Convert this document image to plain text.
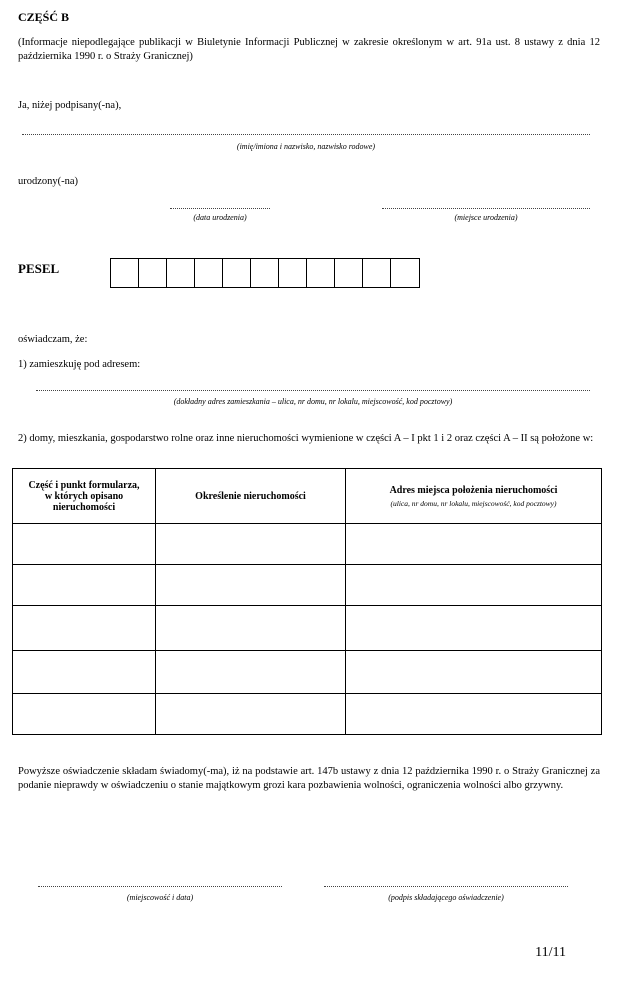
CZĘŚĆ B
(Informacje niepodlegające publikacji w Biuletynie Informacji Publicznej w zakresie określonym w art. 91a ust. 8 ustawy z dnia 12 października 1990 r. o Straży Granicznej)
Ja, niżej podpisany(-na),
(imię/imiona i nazwisko, nazwisko rodowe)
urodzony(-na)
(data urodzenia)	(miejsce urodzenia)
PESEL
oświadczam, że:
1) zamieszkuję pod adresem:
(dokładny adres zamieszkania – ulica, nr domu, nr lokalu, miejscowość, kod pocztowy)
2) domy, mieszkania, gospodarstwo rolne oraz inne nieruchomości wymienione w części A – I pkt 1 i 2 oraz części A – II są położone w:
Część i punkt formularza, w których opisano nieruchomości	Określenie nieruchomości	Adres miejsca położenia nieruchomości
(ulica, nr domu, nr lokalu, miejscowość, kod pocztowy)

Powyższe oświadczenie składam świadomy(-ma), iż na podstawie art. 147b ustawy z dnia 12 października 1990 r. o Straży Granicznej za podanie nieprawdy w oświadczeniu o stanie majątkowym grozi kara pozbawienia wolności, ograniczenia wolności albo grzywny.
(miejscowość i data)	(podpis składającego oświadczenie)
11/11
